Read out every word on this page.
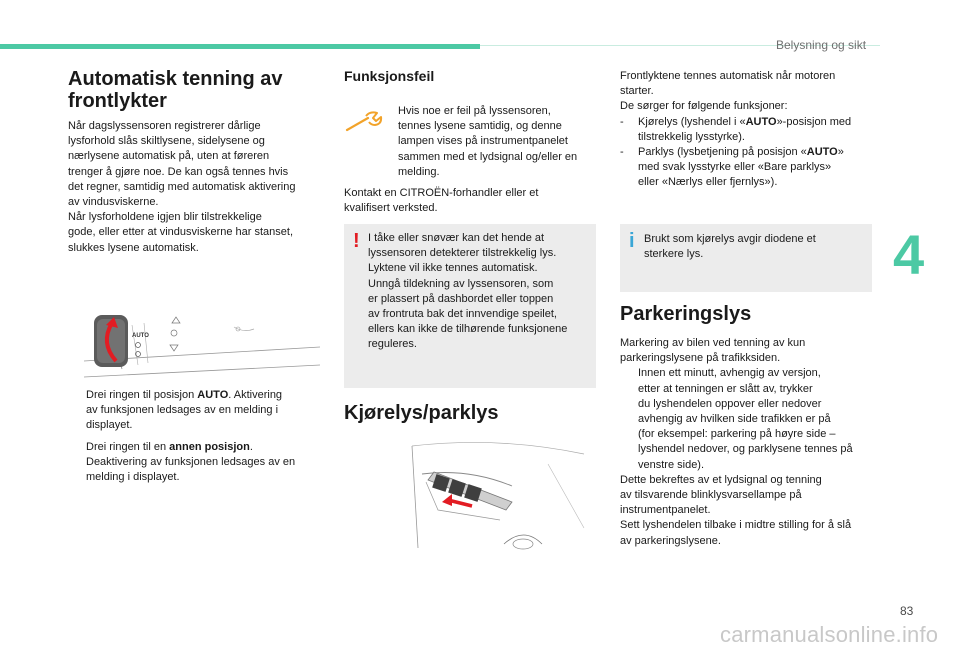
Belysning og sikt
4
83
carmanualsonline.info
Automatisk tenning av
frontlykter
Når dagslyssensoren registrerer dårlige
lysforhold slås skiltlysene, sidelysene og
nærlysene automatisk på, uten at føreren
trenger å gjøre noe. De kan også tennes hvis
det regner, samtidig med automatisk aktivering
av vindusviskerne.
Når lysforholdene igjen blir tilstrekkelige
gode, eller etter at vindusviskerne har stanset,
slukkes lysene automatisk.
AUTO
Drei ringen til posisjon AUTO. Aktivering
av funksjonen ledsages av en melding i
displayet.
Drei ringen til en annen posisjon.
Deaktivering av funksjonen ledsages av en
melding i displayet.
Funksjonsfeil
Hvis noe er feil på lyssensoren,
tennes lysene samtidig, og denne
lampen vises på instrumentpanelet
sammen med et lydsignal og/eller en
melding.
Kontakt en CITROËN-forhandler eller et
kvalifisert verksted.
! I tåke eller snøvær kan det hende at
lyssensoren detekterer tilstrekkelig lys.
Lyktene vil ikke tennes automatisk.
Unngå tildekning av lyssensoren, som
er plassert på dashbordet eller toppen
av frontruta bak det innvendige speilet,
ellers kan ikke de tilhørende funksjonene
reguleres.
Kjørelys/parklys
Frontlyktene tennes automatisk når motoren
starter.
De sørger for følgende funksjoner:
- Kjørelys (lyshendel i «AUTO»-posisjon med
tilstrekkelig lysstyrke).
- Parklys (lysbetjening på posisjon «AUTO»
med svak lysstyrke eller «Bare parklys»
eller «Nærlys eller fjernlys»).
i Brukt som kjørelys avgir diodene et
sterkere lys.
Parkeringslys
Markering av bilen ved tenning av kun
parkeringslysene på trafikksiden.
Innen ett minutt, avhengig av versjon,
etter at tenningen er slått av, trykker
du lyshendelen oppover eller nedover
avhengig av hvilken side trafikken er på
(for eksempel: parkering på høyre side –
lyshendel nedover, og parklysene tennes på
venstre side).
Dette bekreftes av et lydsignal og tenning
av tilsvarende blinklysvarsellampe på
instrumentpanelet.
Sett lyshendelen tilbake i midtre stilling for å slå
av parkeringslysene.
